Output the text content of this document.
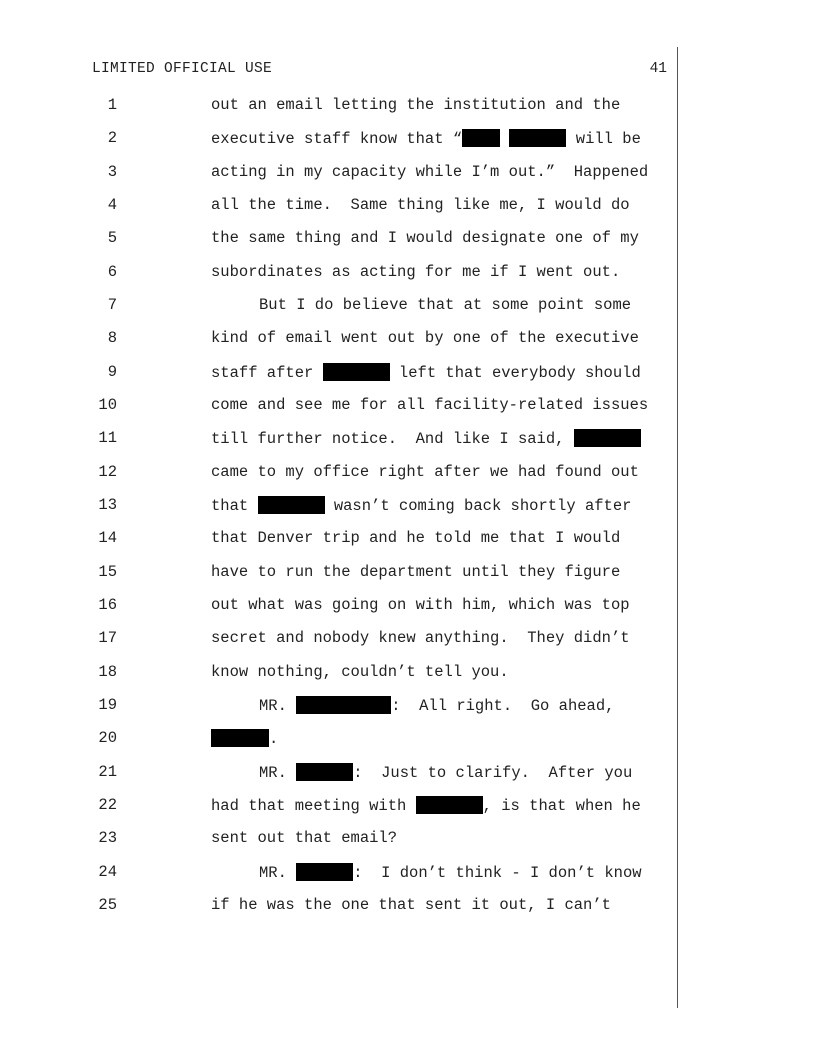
LIMITED OFFICIAL USE	41
1	out an email letting the institution and the
2	executive staff know that “	will be
3	acting in my capacity while I’m out.”  Happened
4	all the time.  Same thing like me, I would do
5	the same thing and I would designate one of my
6	subordinates as acting for me if I went out.
7	But I do believe that at some point some
8	kind of email went out by one of the executive
9	staff after	left that everybody should
10	come and see me for all facility-related issues
11	till further notice.  And like I said,
12	came to my office right after we had found out
13	that	wasn’t coming back shortly after
14	that Denver trip and he told me that I would
15	have to run the department until they figure
16	out what was going on with him, which was top
17	secret and nobody knew anything.  They didn’t
18	know nothing, couldn’t tell you.
19	MR.	:  All right.  Go ahead,
20	.
21	MR.	:  Just to clarify.  After you
22	had that meeting with	, is that when he
23	sent out that email?
24	MR.	:  I don’t think - I don’t know
25	if he was the one that sent it out, I can’t
